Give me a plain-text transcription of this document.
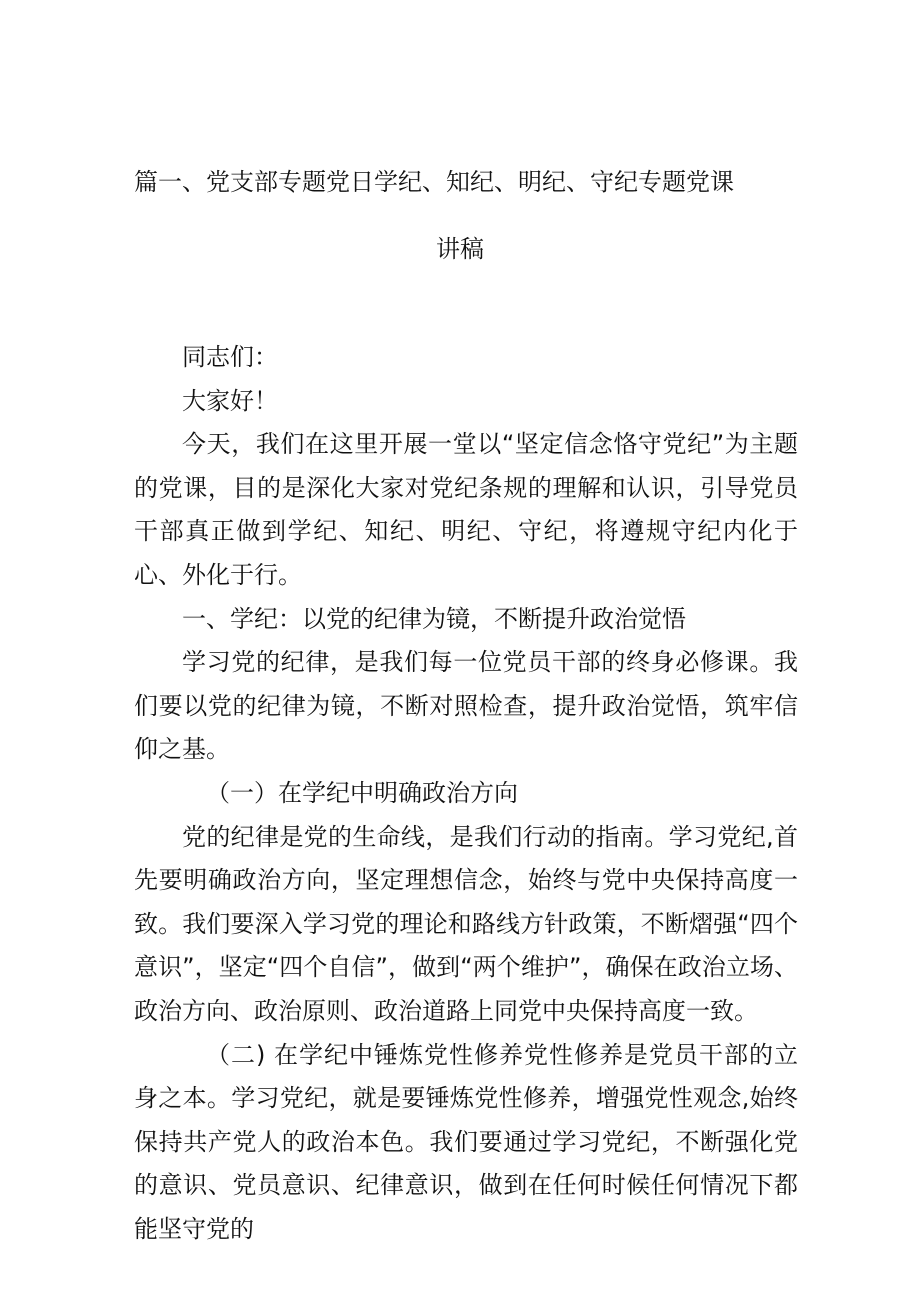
篇一、党支部专题党日学纪、知纪、明纪、守纪专题党课
讲稿

同志们：

大家好！

今天，我们在这里开展一堂以“坚定信念恪守党纪”为主题的党课，目的是深化大家对党纪条规的理解和认识，引导党员干部真正做到学纪、知纪、明纪、守纪，将遵规守纪内化于心、外化于行。

一、学纪：以党的纪律为镜，不断提升政治觉悟

学习党的纪律，是我们每一位党员干部的终身必修课。我们要以党的纪律为镜，不断对照检查，提升政治觉悟，筑牢信仰之基。

（一）在学纪中明确政治方向

党的纪律是党的生命线，是我们行动的指南。学习党纪,首先要明确政治方向，坚定理想信念，始终与党中央保持高度一致。我们要深入学习党的理论和路线方针政策，不断熠强“四个意识”，坚定“四个自信”，做到“两个维护”，确保在政治立场、政治方向、政治原则、政治道路上同党中央保持高度一致。

（二) 在学纪中锤炼党性修养党性修养是党员干部的立身之本。学习党纪，就是要锤炼党性修养，增强党性观念,始终保持共产党人的政治本色。我们要通过学习党纪，不断强化党的意识、党员意识、纪律意识，做到在任何时候任何情况下都能坚守党的
